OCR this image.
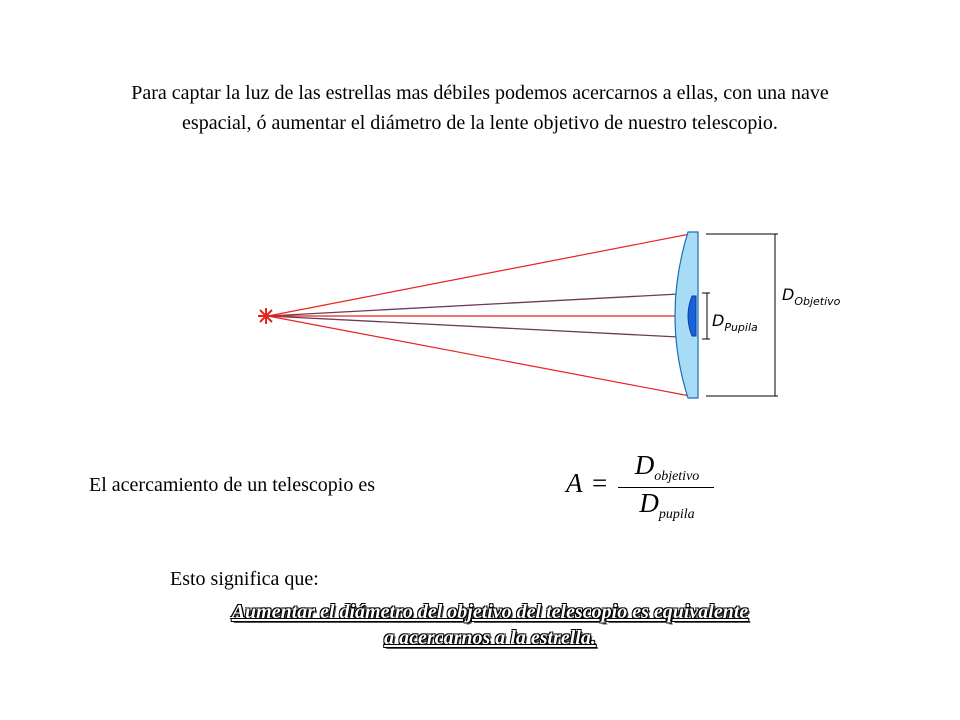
Para captar la luz de las estrellas mas débiles podemos acercarnos a ellas, con una nave espacial, ó aumentar el diámetro de la lente objetivo de nuestro telescopio.

$D_{Objetivo}$
$D_{Pupila}$

El acercamiento de un telescopio es	A =
$D_{objetivo}$
$D_{pupila}$

Esto significa que:

Aumentar el diámetro del objetivo del telescopio es equivalente
a acercarnos a la estrella.
